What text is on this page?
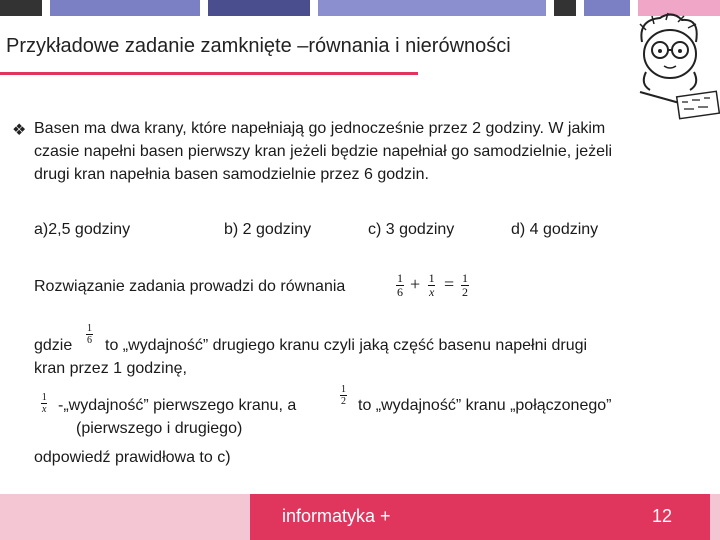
Przykładowe zadanie zamknięte –równania i nierówności
❖ Basen ma dwa krany, które napełniają go jednocześnie przez 2 godziny. W jakim
czasie napełni basen pierwszy kran jeżeli będzie napełniał go samodzielnie, jeżeli
drugi kran napełnia basen samodzielnie przez 6 godzin.
a)2,5 godziny	b) 2 godziny	c) 3 godziny	d) 4 godziny
Rozwiązanie zadania prowadzi do równania	$\frac{1}{6} + \frac{1}{x} = \frac{1}{2}$
gdzie $\frac{1}{6}$ to „wydajność” drugiego kranu czyli jaką część basenu napełni drugi
kran przez 1 godzinę,
$\frac{1}{x}$ -„wydajność” pierwszego kranu, a	$\frac{1}{2}$ to „wydajność” kranu „połączonego”
(pierwszego i drugiego)
odpowiedź prawidłowa to c)
informatyka +	12
